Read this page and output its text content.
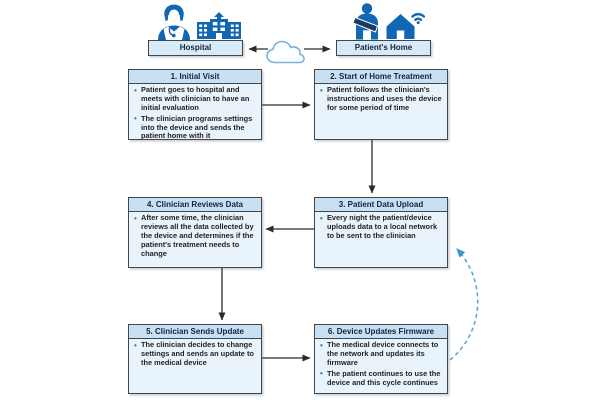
Hospital	Patient's Home
1. Initial Visit
• Patient goes to hospital and meets with clinician to have an initial evaluation
• The clinician programs settings into the device and sends the patient home with it
2. Start of Home Treatment
• Patient follows the clinician's instructions and uses the device for some period of time
3. Patient Data Upload
• Every night the patient/device uploads data to a local network to be sent to the clinician
4. Clinician Reviews Data
• After some time, the clinician reviews all the data collected by the device and determines if the patient's treatment needs to change
5. Clinician Sends Update
• The clinician decides to change settings and sends an update to the medical device
6. Device Updates Firmware
• The medical device connects to the network and updates its firmware
• The patient continues to use the device and this cycle continues
